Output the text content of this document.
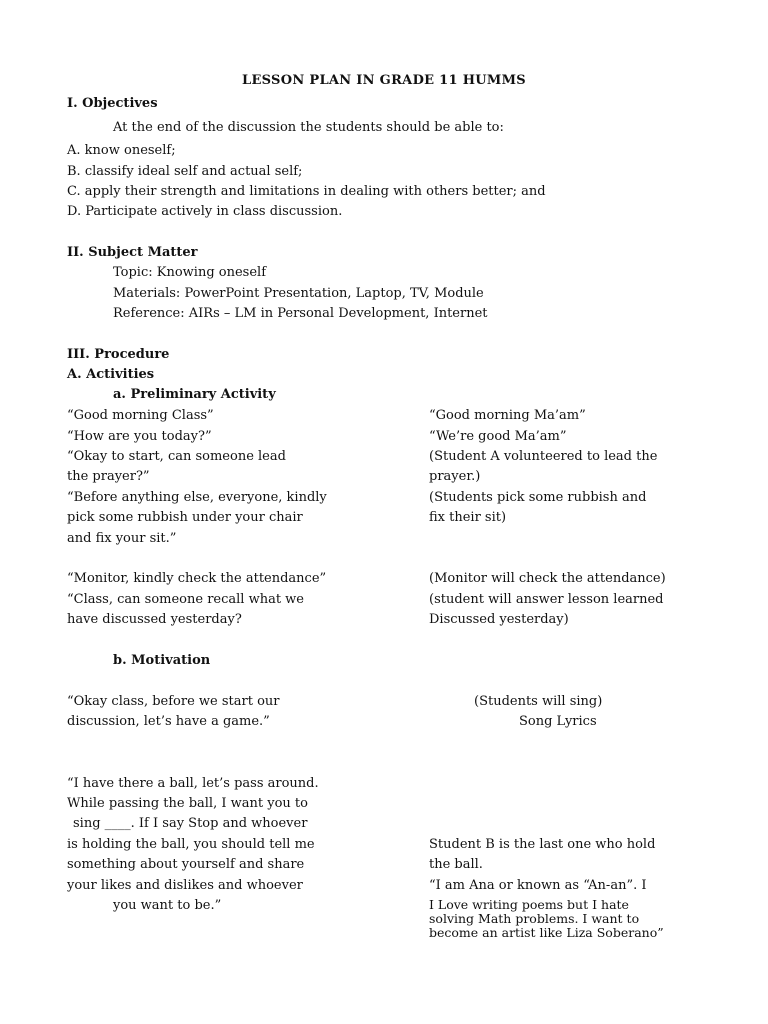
LESSON PLAN IN GRADE 11 HUMMS
I. Objectives
At the end of the discussion the students should be able to:
A. know oneself;
B. classify ideal self and actual self;
C. apply their strength and limitations in dealing with others better; and
D. Participate actively in class discussion.
II. Subject Matter
Topic: Knowing oneself
Materials: PowerPoint Presentation, Laptop, TV, Module
Reference: AIRs – LM in Personal Development, Internet
III. Procedure
A. Activities
a. Preliminary Activity
“Good morning Class”
“How are you today?”
“Okay to start, can someone lead
the prayer?”
“Before anything else, everyone, kindly
pick some rubbish under your chair
and fix your sit.”
“Monitor, kindly check the attendance”
“Class, can someone recall what we
have discussed yesterday?
“Good morning Ma’am”
“We’re good Ma’am”
(Student A volunteered to lead the
prayer.)
(Students pick some rubbish and
fix their sit)
(Monitor will check the attendance)
(student will answer lesson learned
Discussed yesterday)
b. Motivation
“Okay class, before we start our
discussion, let’s have a game.”
“I have there a ball, let’s pass around.
While passing the ball, I want you to
sing ____. If I say Stop and whoever
is holding the ball, you should tell me
something about yourself and share
your likes and dislikes and whoever
you want to be.”
(Students will sing)
Song Lyrics
Student B is the last one who hold
the ball.
“I am Ana or known as “An-an”. I
I Love writing poems but I hate
solving Math problems. I want to
become an artist like Liza Soberano”
